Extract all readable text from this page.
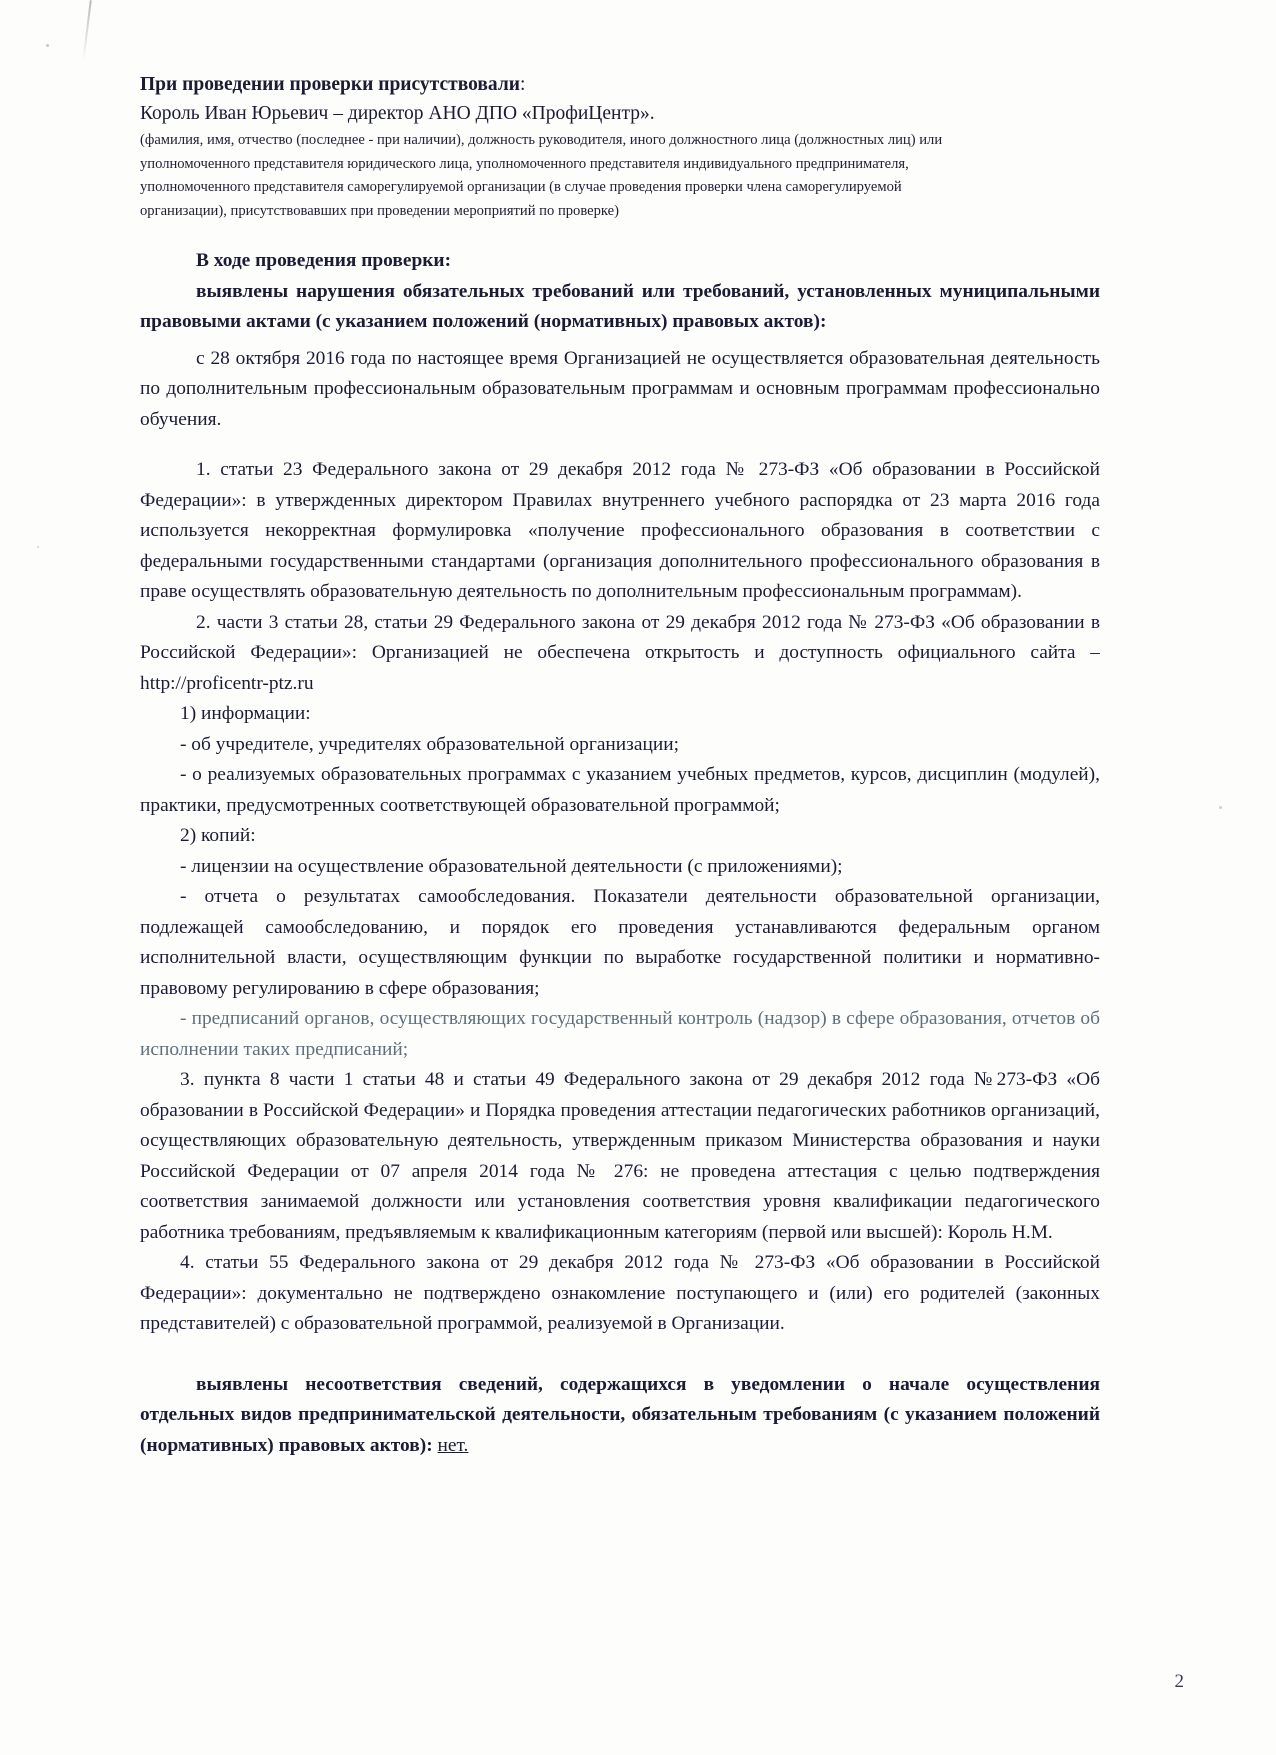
При проведении проверки присутствовали:

Король Иван Юрьевич – директор АНО ДПО «ПрофиЦентр».

(фамилия, имя, отчество (последнее - при наличии), должность руководителя, иного должностного лица (должностных лиц) или

уполномоченного представителя юридического лица, уполномоченного представителя индивидуального предпринимателя,

уполномоченного представителя саморегулируемой организации (в случае проведения проверки члена саморегулируемой

организации), присутствовавших при проведении мероприятий по проверке)

В ходе проведения проверки:

выявлены нарушения обязательных требований или требований, установленных муниципальными правовыми актами (с указанием положений (нормативных) правовых актов):

с 28 октября 2016 года по настоящее время Организацией не осуществляется образовательная деятельность по дополнительным профессиональным образовательным программам и основным программам профессионально обучения.

1. статьи 23 Федерального закона от 29 декабря 2012 года № 273-ФЗ «Об образовании в Российской Федерации»: в утвержденных директором Правилах внутреннего учебного распорядка от 23 марта 2016 года используется некорректная формулировка «получение профессионального образования в соответствии с федеральными государственными стандартами (организация дополнительного профессионального образования в праве осуществлять образовательную деятельность по дополнительным профессиональным программам).

2. части 3 статьи 28, статьи 29 Федерального закона от 29 декабря 2012 года № 273-ФЗ «Об образовании в Российской Федерации»: Организацией не обеспечена открытость и доступность официального сайта – http://proficentr-ptz.ru

1) информации:

- об учредителе, учредителях образовательной организации;

- о реализуемых образовательных программах с указанием учебных предметов, курсов, дисциплин (модулей), практики, предусмотренных соответствующей образовательной программой;

2) копий:

- лицензии на осуществление образовательной деятельности (с приложениями);

- отчета о результатах самообследования. Показатели деятельности образовательной организации, подлежащей самообследованию, и порядок его проведения устанавливаются федеральным органом исполнительной власти, осуществляющим функции по выработке государственной политики и нормативно-правовому регулированию в сфере образования;

- предписаний органов, осуществляющих государственный контроль (надзор) в сфере образования, отчетов об исполнении таких предписаний;

3. пункта 8 части 1 статьи 48 и статьи 49 Федерального закона от 29 декабря 2012 года №273-ФЗ «Об образовании в Российской Федерации» и Порядка проведения аттестации педагогических работников организаций, осуществляющих образовательную деятельность, утвержденным приказом Министерства образования и науки Российской Федерации от 07 апреля 2014 года № 276: не проведена аттестация с целью подтверждения соответствия занимаемой должности или установления соответствия уровня квалификации педагогического работника требованиям, предъявляемым к квалификационным категориям (первой или высшей): Король Н.М.

4. статьи 55 Федерального закона от 29 декабря 2012 года № 273-ФЗ «Об образовании в Российской Федерации»: документально не подтверждено ознакомление поступающего и (или) его родителей (законных представителей) с образовательной программой, реализуемой в Организации.

выявлены несоответствия сведений, содержащихся в уведомлении о начале осуществления отдельных видов предпринимательской деятельности, обязательным требованиям (с указанием положений (нормативных) правовых актов): нет.

2
